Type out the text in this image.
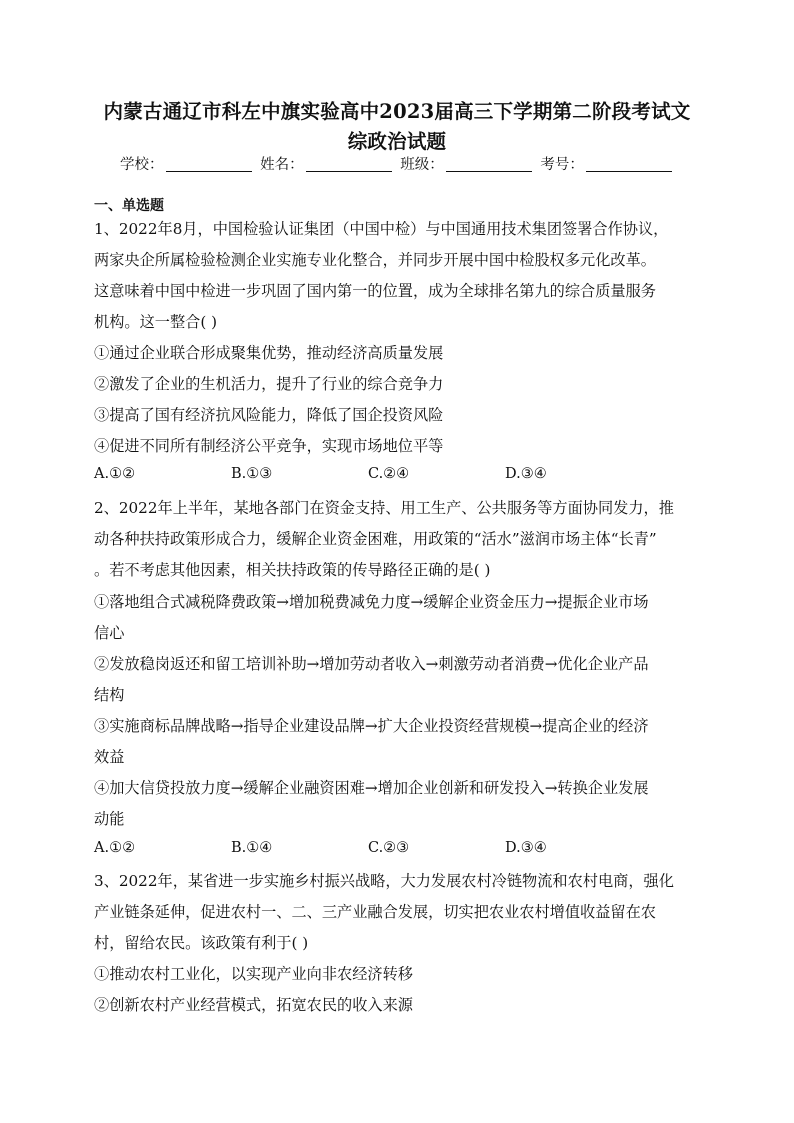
内蒙古通辽市科左中旗实验高中2023届高三下学期第二阶段考试文
综政治试题
学校：	姓名：	班级：	考号：
一、单选题
1、2022年8月，中国检验认证集团（中国中检）与中国通用技术集团签署合作协议，
两家央企所属检验检测企业实施专业化整合，并同步开展中国中检股权多元化改革。
这意味着中国中检进一步巩固了国内第一的位置，成为全球排名第九的综合质量服务
机构。这一整合( )
①通过企业联合形成聚集优势，推动经济高质量发展
②激发了企业的生机活力，提升了行业的综合竞争力
③提高了国有经济抗风险能力，降低了国企投资风险
④促进不同所有制经济公平竞争，实现市场地位平等
A.①②	B.①③	C.②④	D.③④
2、2022年上半年，某地各部门在资金支持、用工生产、公共服务等方面协同发力，推
动各种扶持政策形成合力，缓解企业资金困难，用政策的“活水”滋润市场主体“长青”
。若不考虑其他因素，相关扶持政策的传导路径正确的是( )
①落地组合式减税降费政策→增加税费减免力度→缓解企业资金压力→提振企业市场
信心
②发放稳岗返还和留工培训补助→增加劳动者收入→刺激劳动者消费→优化企业产品
结构
③实施商标品牌战略→指导企业建设品牌→扩大企业投资经营规模→提高企业的经济
效益
④加大信贷投放力度→缓解企业融资困难→增加企业创新和研发投入→转换企业发展
动能
A.①②	B.①④	C.②③	D.③④
3、2022年，某省进一步实施乡村振兴战略，大力发展农村冷链物流和农村电商，强化
产业链条延伸，促进农村一、二、三产业融合发展，切实把农业农村增值收益留在农
村，留给农民。该政策有利于( )
①推动农村工业化，以实现产业向非农经济转移
②创新农村产业经营模式，拓宽农民的收入来源
